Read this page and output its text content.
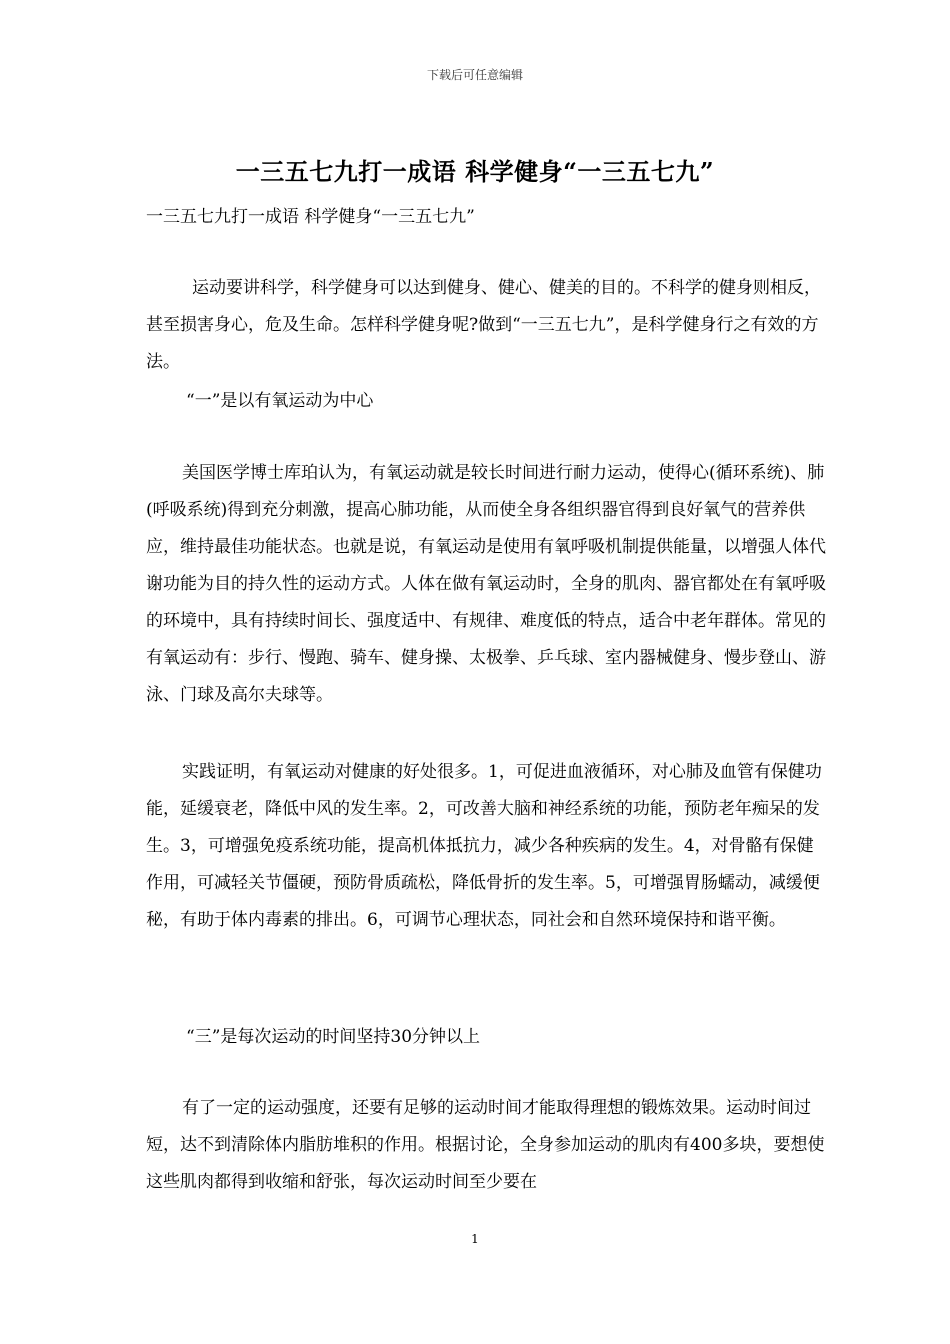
下载后可任意编辑
一三五七九打一成语 科学健身“一三五七九”
一三五七九打一成语 科学健身“一三五七九”

运动要讲科学，科学健身可以达到健身、健心、健美的目的。不科学的健身则相反，甚至损害身心，危及生命。怎样科学健身呢?做到“一三五七九”，是科学健身行之有效的方法。

“一”是以有氧运动为中心

美国医学博士库珀认为，有氧运动就是较长时间进行耐力运动，使得心(循环系统)、肺(呼吸系统)得到充分刺激，提高心肺功能，从而使全身各组织器官得到良好氧气的营养供应，维持最佳功能状态。也就是说，有氧运动是使用有氧呼吸机制提供能量，以增强人体代谢功能为目的持久性的运动方式。人体在做有氧运动时，全身的肌肉、器官都处在有氧呼吸的环境中，具有持续时间长、强度适中、有规律、难度低的特点，适合中老年群体。常见的有氧运动有：步行、慢跑、骑车、健身操、太极拳、乒乓球、室内器械健身、慢步登山、游泳、门球及高尔夫球等。

实践证明，有氧运动对健康的好处很多。1，可促进血液循环，对心肺及血管有保健功能，延缓衰老，降低中风的发生率。2，可改善大脑和神经系统的功能，预防老年痴呆的发生。3，可增强免疫系统功能，提高机体抵抗力，减少各种疾病的发生。4，对骨骼有保健作用，可减轻关节僵硬，预防骨质疏松，降低骨折的发生率。5，可增强胃肠蠕动，减缓便秘，有助于体内毒素的排出。6，可调节心理状态，同社会和自然环境保持和谐平衡。

“三”是每次运动的时间坚持30分钟以上

有了一定的运动强度，还要有足够的运动时间才能取得理想的锻炼效果。运动时间过短，达不到清除体内脂肪堆积的作用。根据讨论，全身参加运动的肌肉有400多块，要想使这些肌肉都得到收缩和舒张，每次运动时间至少要在

1
